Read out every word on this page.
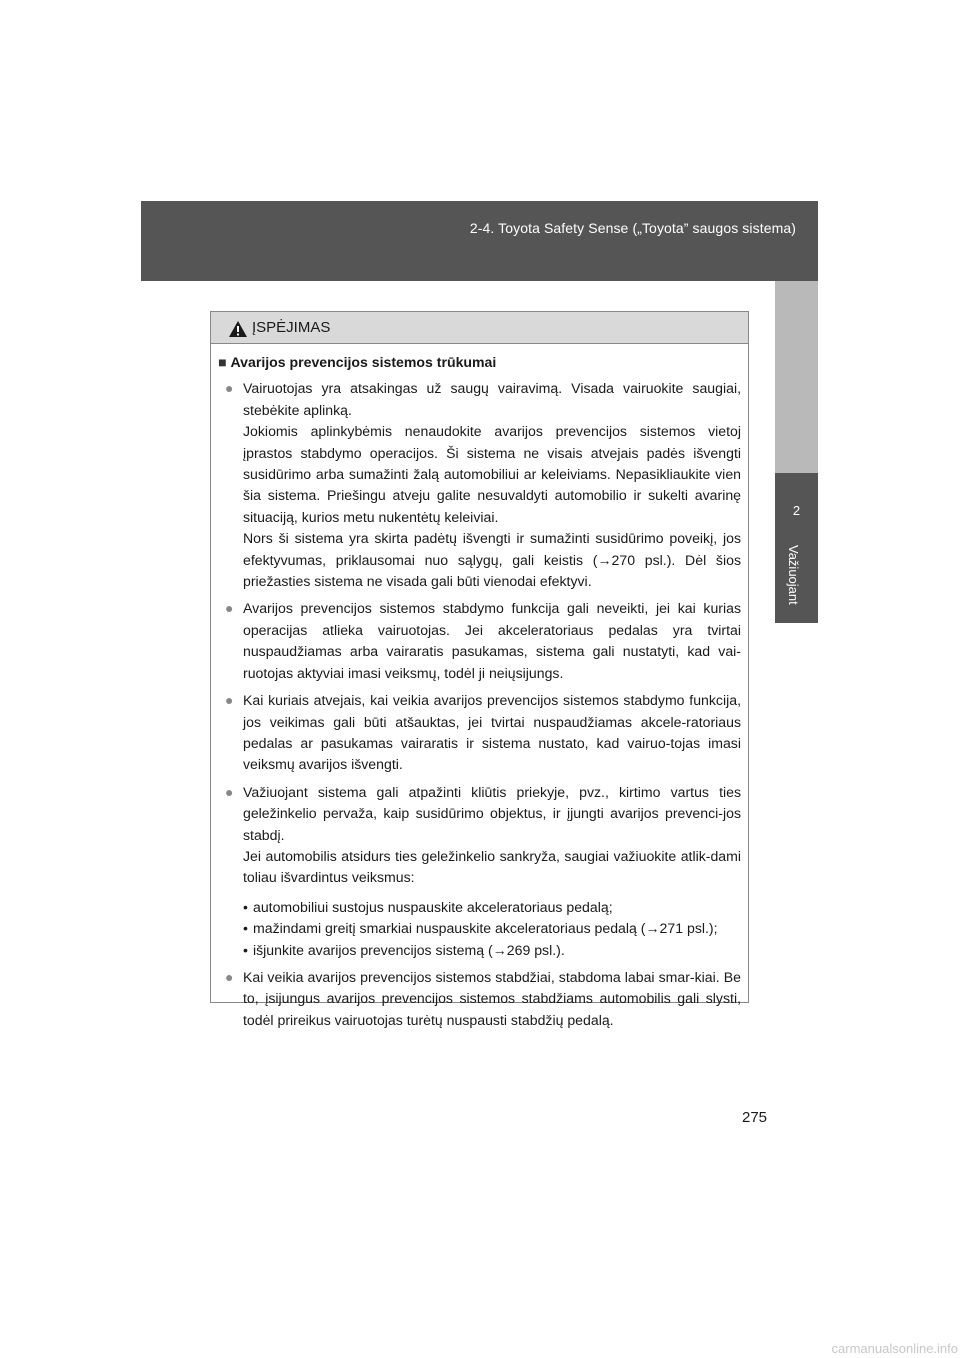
2-4. Toyota Safety Sense („Toyota” saugos sistema)
2
Važiuojant
ĮSPĖJIMAS
■ Avarijos prevencijos sistemos trūkumai
● Vairuotojas yra atsakingas už saugų vairavimą. Visada vairuokite saugiai, stebėkite aplinką.

Jokiomis aplinkybėmis nenaudokite avarijos prevencijos sistemos vietoj įprastos stabdymo operacijos. Ši sistema ne visais atvejais padės išvengti susidūrimo arba sumažinti žalą automobiliui ar keleiviams. Nepasikliaukite vien šia sistema. Priešingu atveju galite nesuvaldyti automobilio ir sukelti avarinę situaciją, kurios metu nukentėtų keleiviai.

Nors ši sistema yra skirta padėtų išvengti ir sumažinti susidūrimo poveikį, jos efektyvumas, priklausomai nuo sąlygų, gali keistis (→270 psl.). Dėl šios priežasties sistema ne visada gali būti vienodai efektyvi.

● Avarijos prevencijos sistemos stabdymo funkcija gali neveikti, jei kai kurias operacijas atlieka vairuotojas. Jei akceleratoriaus pedalas yra tvirtai nuspaudžiamas arba vairaratis pasukamas, sistema gali nustatyti, kad vai-ruotojas aktyviai imasi veiksmų, todėl ji neiųsijungs.

● Kai kuriais atvejais, kai veikia avarijos prevencijos sistemos stabdymo funkcija, jos veikimas gali būti atšauktas, jei tvirtai nuspaudžiamas akcele-ratoriaus pedalas ar pasukamas vairaratis ir sistema nustato, kad vairuo-tojas imasi veiksmų avarijos išvengti.

● Važiuojant sistema gali atpažinti kliūtis priekyje, pvz., kirtimo vartus ties geležinkelio pervaža, kaip susidūrimo objektus, ir įjungti avarijos prevenci-jos stabdį.

Jei automobilis atsidurs ties geležinkelio sankryža, saugiai važiuokite atlik-dami toliau išvardintus veiksmus:

• automobiliui sustojus nuspauskite akceleratoriaus pedalą;
• mažindami greitį smarkiai nuspauskite akceleratoriaus pedalą (→271 psl.);
• išjunkite avarijos prevencijos sistemą (→269 psl.).
● Kai veikia avarijos prevencijos sistemos stabdžiai, stabdoma labai smar-kiai. Be to, įsijungus avarijos prevencijos sistemos stabdžiams automobilis gali slysti, todėl prireikus vairuotojas turėtų nuspausti stabdžių pedalą.

275
carmanualsonline.info
